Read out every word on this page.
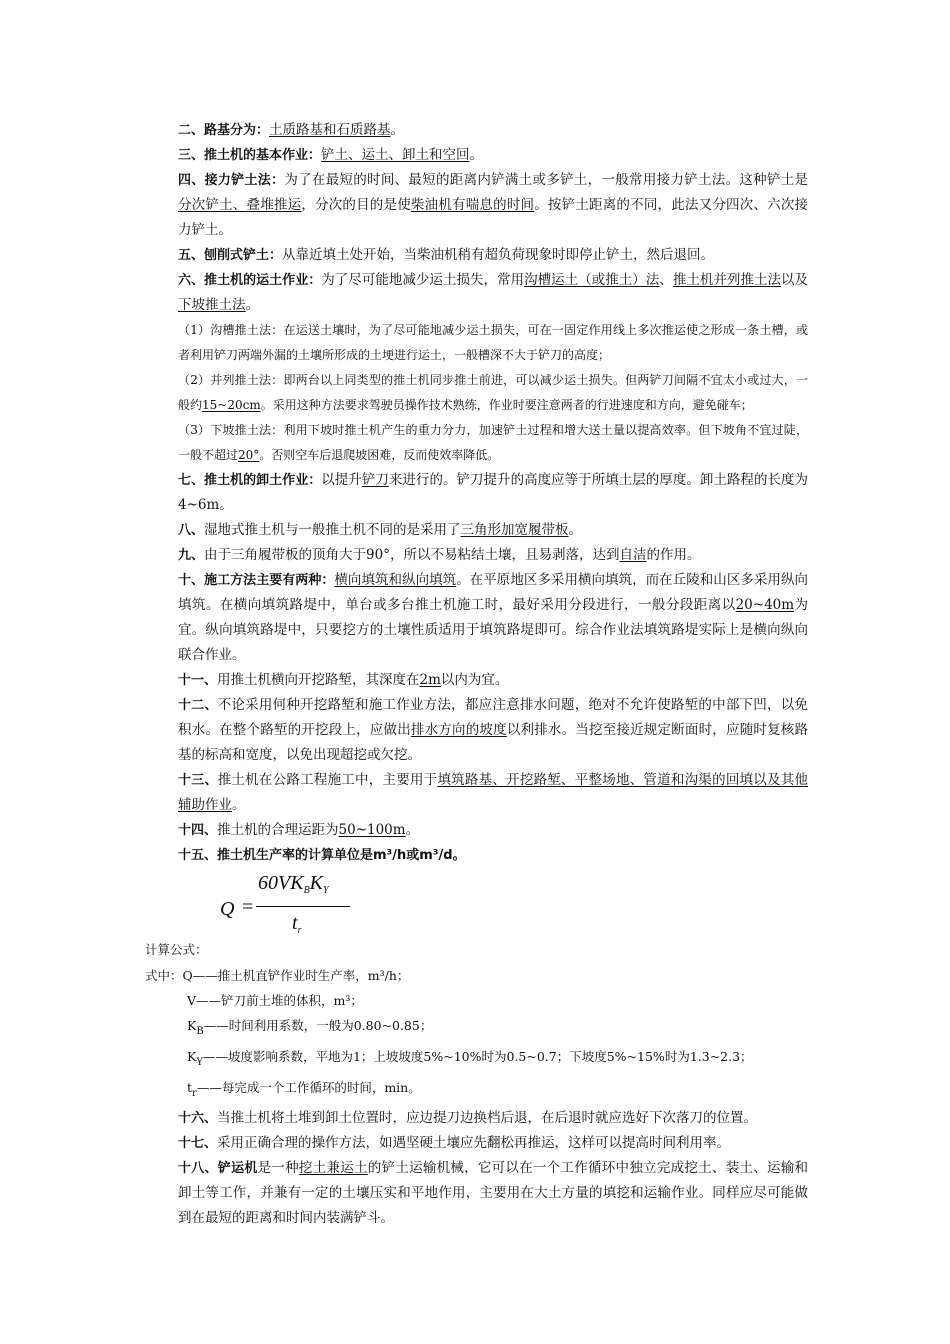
二、路基分为：土质路基和石质路基。

三、推土机的基本作业：铲土、运土、卸土和空回。

四、接力铲土法：为了在最短的时间、最短的距离内铲满土或多铲土，一般常用接力铲土法。这种铲土是分次铲土、叠堆推运，分次的目的是使柴油机有喘息的时间。按铲土距离的不同，此法又分四次、六次接力铲土。

五、刨削式铲土：从靠近填土处开始，当柴油机稍有超负荷现象时即停止铲土，然后退回。

六、推土机的运土作业：为了尽可能地减少运土损失，常用沟槽运土（或推土）法、推土机并列推土法以及下坡推土法。

（1）沟槽推土法：在运送土壤时，为了尽可能地减少运土损失，可在一固定作用线上多次推运使之形成一条土槽，或者利用铲刀两端外漏的土壤所形成的土埂进行运土，一般槽深不大于铲刀的高度；

（2）并列推土法：即两台以上同类型的推土机同步推土前进，可以减少运土损失。但两铲刀间隔不宜太小或过大，一般约15~20cm。采用这种方法要求驾驶员操作技术熟练，作业时要注意两者的行进速度和方向，避免碰车；

（3）下坡推土法：利用下坡时推土机产生的重力分力，加速铲土过程和增大送土量以提高效率。但下坡角不宜过陡，一般不超过20°。否则空车后退爬坡困难，反而使效率降低。

七、推土机的卸土作业：以提升铲刀来进行的。铲刀提升的高度应等于所填土层的厚度。卸土路程的长度为4~6m。

八、湿地式推土机与一般推土机不同的是采用了三角形加宽履带板。

九、由于三角履带板的顶角大于90°，所以不易粘结土壤，且易剥落，达到自洁的作用。

十、施工方法主要有两种：横向填筑和纵向填筑。在平原地区多采用横向填筑，而在丘陵和山区多采用纵向填筑。在横向填筑路堤中，单台或多台推土机施工时，最好采用分段进行，一般分段距离以20~40m为宜。纵向填筑路堤中，只要挖方的土壤性质适用于填筑路堤即可。综合作业法填筑路堤实际上是横向纵向联合作业。

十一、用推土机横向开挖路堑，其深度在2m以内为宜。

十二、不论采用何种开挖路堑和施工作业方法，都应注意排水问题，绝对不允许使路堑的中部下凹，以免积水。在整个路堑的开挖段上，应做出排水方向的坡度以利排水。当挖至接近规定断面时，应随时复核路基的标高和宽度，以免出现超挖或欠挖。

十三、推土机在公路工程施工中，主要用于填筑路基、开挖路堑、平整场地、管道和沟渠的回填以及其他辅助作业。

十四、推土机的合理运距为50~100m。

十五、推土机生产率的计算单位是m³/h或m³/d。

计算公式：
Q =
$60VK_BK_Y$
$t_r$

式中：Q——推土机直铲作业时生产率，m³/h；

V——铲刀前土堆的体积，m³；

$K_B——$时间利用系数，一般为0.80~0.85；

$K_Y——$坡度影响系数，平地为1；上坡坡度5%~10%时为0.5~0.7；下坡度5%~15%时为1.3~2.3；

$t_r——$每完成一个工作循环的时间，min。

十六、当推土机将土堆到卸土位置时，应边提刀边换档后退，在后退时就应选好下次落刀的位置。

十七、采用正确合理的操作方法，如遇坚硬土壤应先翻松再推运，这样可以提高时间利用率。

十八、铲运机是一种挖土兼运土的铲土运输机械，它可以在一个工作循环中独立完成挖土、装土、运输和卸土等工作，并兼有一定的土壤压实和平地作用，主要用在大土方量的填挖和运输作业。同样应尽可能做到在最短的距离和时间内装满铲斗。
